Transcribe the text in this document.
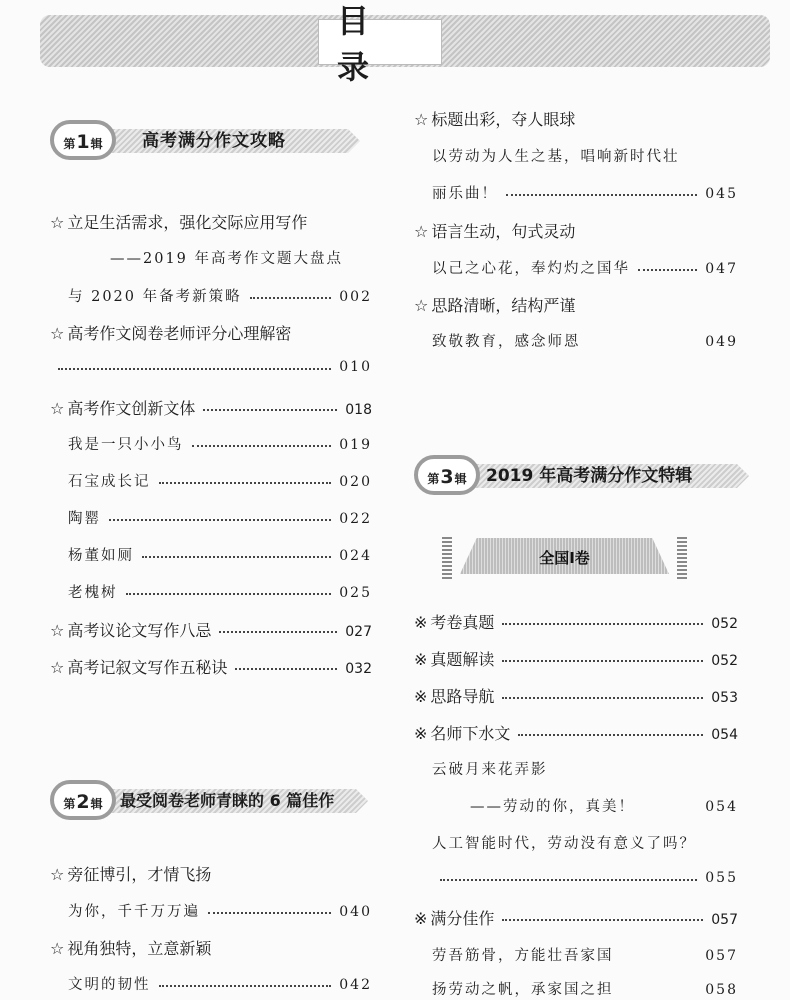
目 录
第 1 辑 高考满分作文攻略
☆ 立足生活需求，强化交际应用写作
——2019 年高考作文题大盘点
与 2020 年备考新策略	002
☆ 高考作文阅卷老师评分心理解密
010
☆ 高考作文创新文体	018
我是一只小小鸟	019
石宝成长记	020
陶罂	022
杨董如厕	024
老槐树	025
☆ 高考议论文写作八忌	027
☆ 高考记叙文写作五秘诀	032
第 2 辑 最受阅卷老师青睐的 6 篇佳作
☆ 旁征博引，才情飞扬
为你，千千万万遍	040
☆ 视角独特，立意新颖
文明的韧性	042
☆ 标题出彩，夺人眼球
以劳动为人生之基，唱响新时代壮
丽乐曲！	045
☆ 语言生动，句式灵动
以己之心花，奉灼灼之国华	047
☆ 思路清晰，结构严谨
致敬教育，感念师恩	049
第 3 辑 2019 年高考满分作文特辑
全国Ⅰ卷
※ 考卷真题	052
※ 真题解读	052
※ 思路导航	053
※ 名师下水文	054
云破月来花弄影
——劳动的你，真美！	054
人工智能时代，劳动没有意义了吗？
055
※ 满分佳作	057
劳吾筋骨，方能壮吾家国	057
扬劳动之帆，承家国之担	058
